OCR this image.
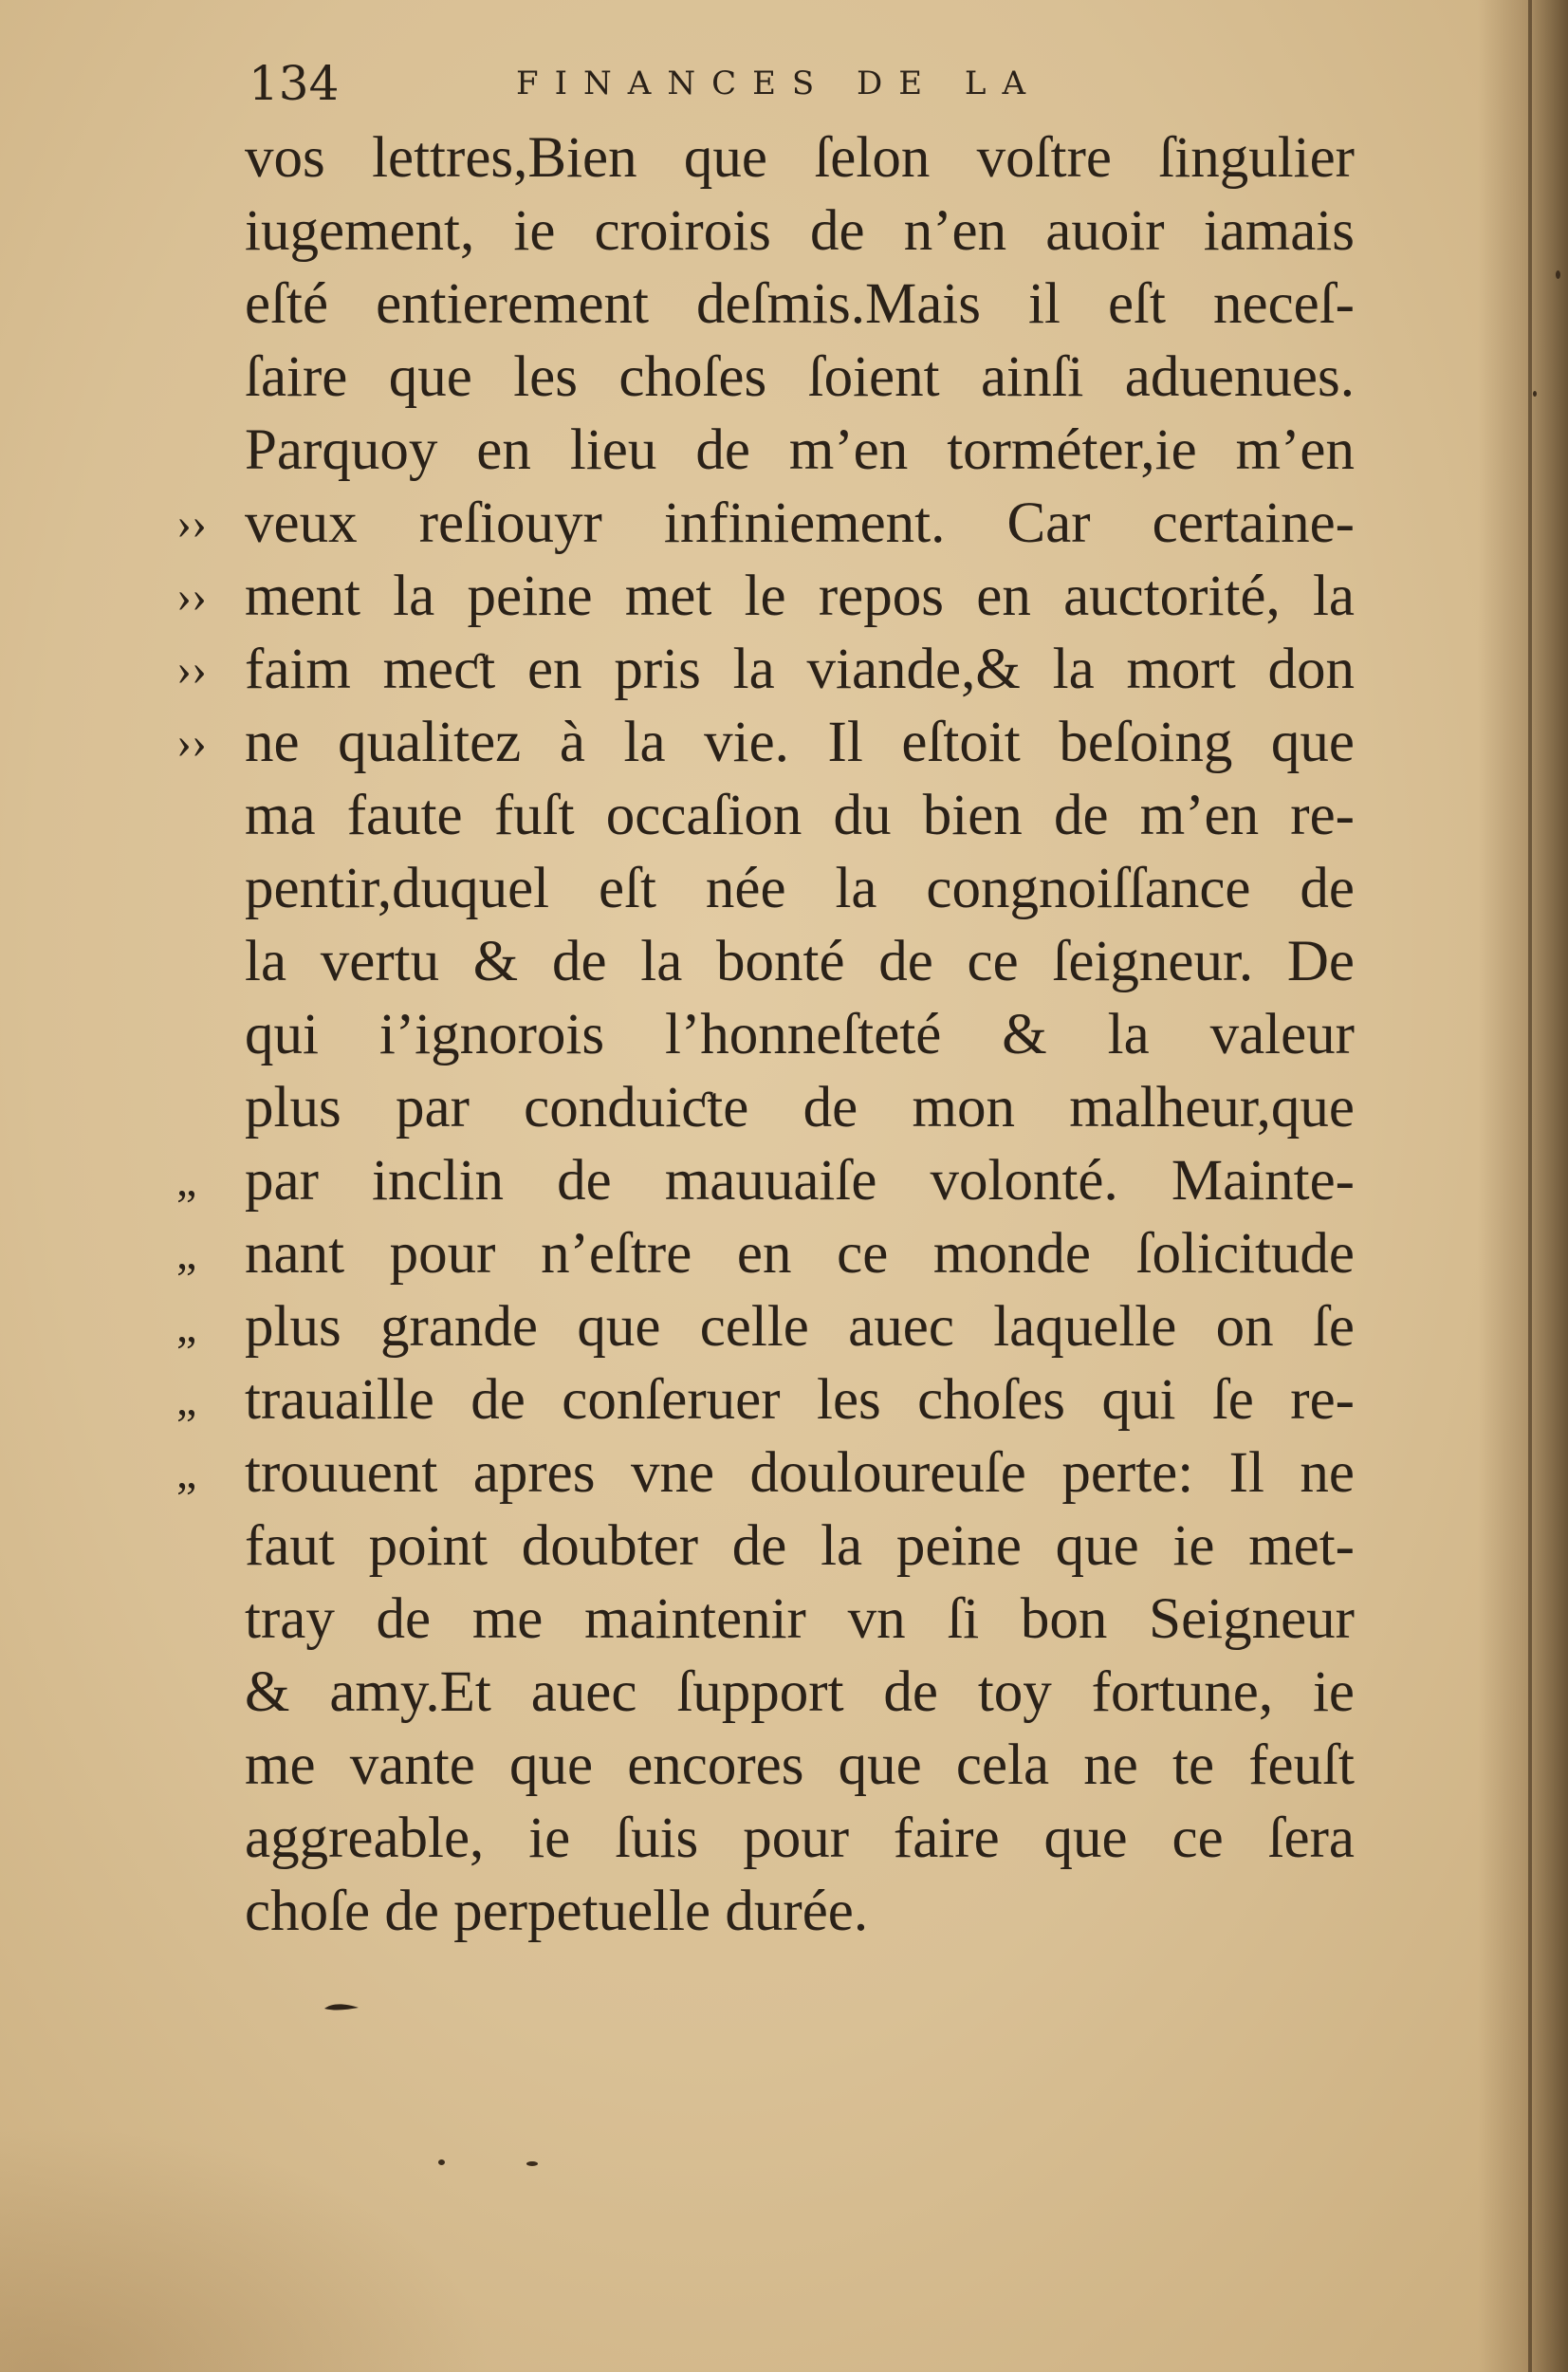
134	FINANCES DE LA
vos lettres,Bien que ſelon voſtre ſingulier
iugement, ie croirois de n’en auoir iamais
eſté entierement deſmis.Mais il eſt neceſ-
ſaire que les choſes ſoient ainſi aduenues.
Parquoy en lieu de m’en torméter,ie m’en
›› veux reſiouyr infiniement. Car certaine-
›› ment la peine met le repos en auctorité, la
›› faim meƈt en pris la viande,& la mort don
›› ne qualitez à la vie. Il eſtoit beſoing que
ma faute fuſt occaſion du bien de m’en re-
pentir,duquel eſt née la congnoiſſance de
la vertu & de la bonté de ce ſeigneur. De
qui i’ignorois l’honneſteté & la valeur
plus par conduiƈte de mon malheur,que
„ par inclin de mauuaiſe volonté. Mainte-
„ nant pour n’eſtre en ce monde ſolicitude
„ plus grande que celle auec laquelle on ſe
„ trauaille de conſeruer les choſes qui ſe re-
„ trouuent apres vne douloureuſe perte: Il ne
faut point doubter de la peine que ie met-
tray de me maintenir vn ſi bon Seigneur
& amy.Et auec ſupport de toy fortune, ie
me vante que encores que cela ne te feuſt
aggreable, ie ſuis pour faire que ce ſera
choſe de perpetuelle durée.
